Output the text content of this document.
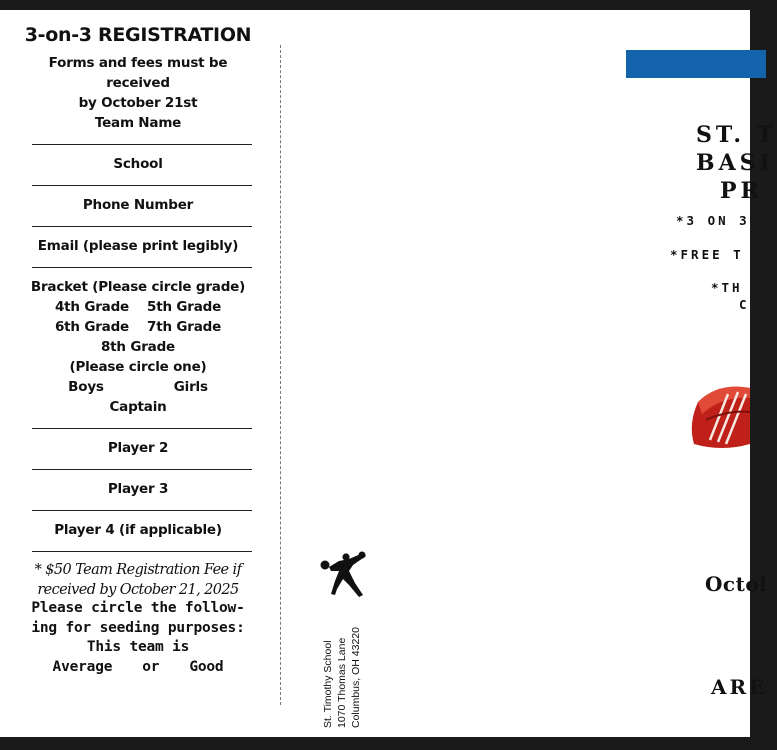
3-on-3 REGISTRATION
Forms and fees must be received
by October 21st
Team Name
School
Phone Number
Email (please print legibly)
Bracket (Please circle grade)
4th Grade 5th Grade
6th Grade 7th Grade
8th Grade
(Please circle one)
Boys	Girls
Captain
Player 2
Player 3
Player 4 (if applicable)
* $50 Team Registration Fee if
received by October 21, 2025
Please circle the follow-
ing for seeding purposes:
This team is
Average or Good	St. Timothy School 1070 Thomas Lane Columbus, OH 43220
ST. T
BASI
PR
*3 ON 3
*FREE T
*TH
C
Octol
ARE
